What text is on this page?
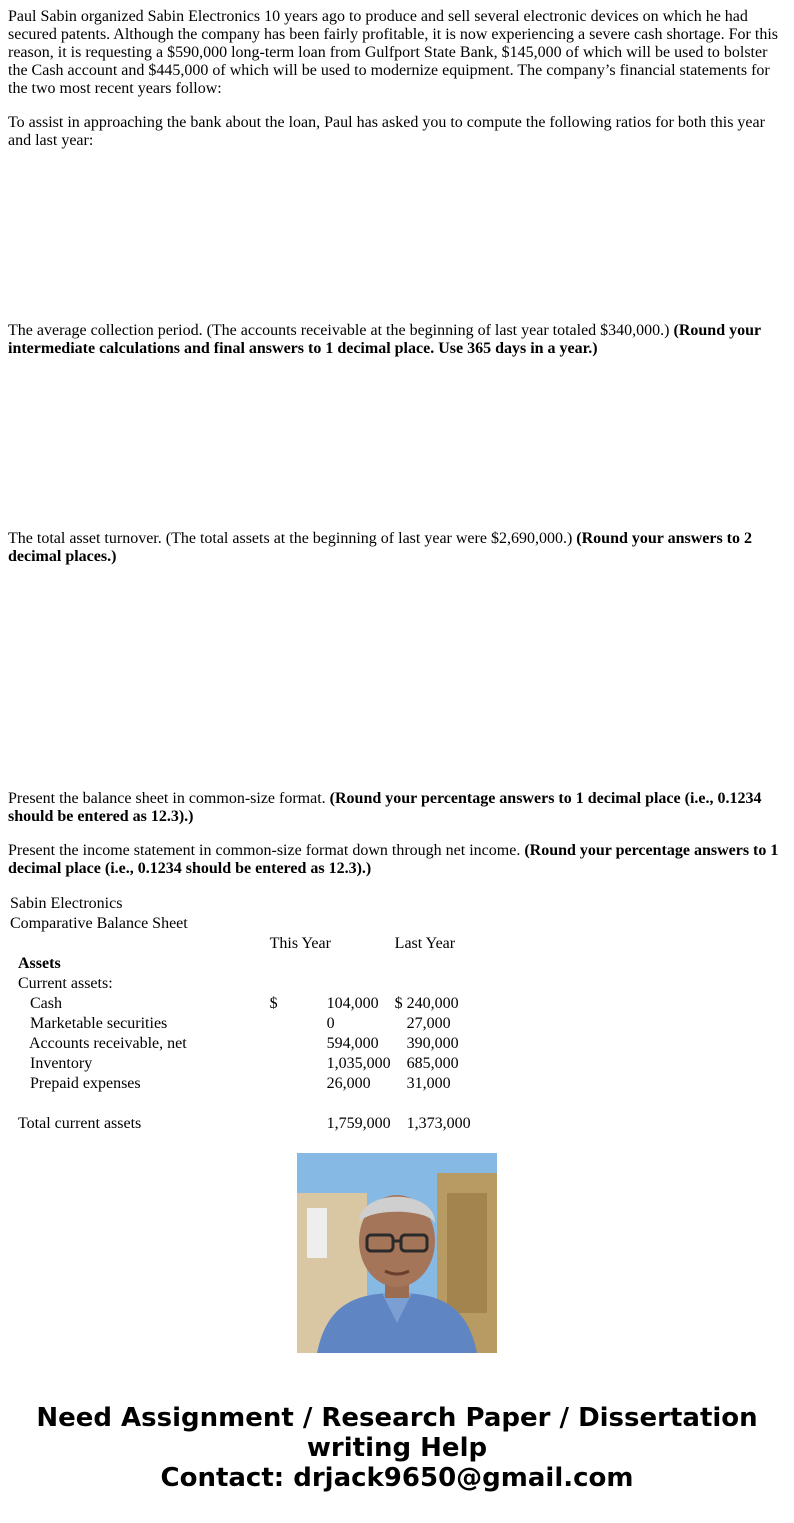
Paul Sabin organized Sabin Electronics 10 years ago to produce and sell several electronic devices on which he had secured patents. Although the company has been fairly profitable, it is now experiencing a severe cash shortage. For this reason, it is requesting a $590,000 long-term loan from Gulfport State Bank, $145,000 of which will be used to bolster the Cash account and $445,000 of which will be used to modernize equipment. The company’s financial statements for the two most recent years follow:

To assist in approaching the bank about the loan, Paul has asked you to compute the following ratios for both this year and last year:

The average collection period. (The accounts receivable at the beginning of last year totaled $340,000.) (Round your intermediate calculations and final answers to 1 decimal place. Use 365 days in a year.)

The total asset turnover. (The total assets at the beginning of last year were $2,690,000.) (Round your answers to 2 decimal places.)

Present the balance sheet in common-size format. (Round your percentage answers to 1 decimal place (i.e., 0.1234 should be entered as 12.3).)

Present the income statement in common-size format down through net income. (Round your percentage answers to 1 decimal place (i.e., 0.1234 should be entered as 12.3).)

Sabin Electronics				
Comparative Balance Sheet				
	This Year		Last Year	
Assets				
Current assets:				
Cash	$	104,000	$	240,000
Marketable securities		0		27,000
Accounts receivable, net		594,000		390,000
Inventory		1,035,000		685,000
Prepaid expenses		26,000		31,000

Total current assets		1,759,000		1,373,000
Need Assignment / Research Paper / Dissertation writing Help
Contact: drjack9650@gmail.com
